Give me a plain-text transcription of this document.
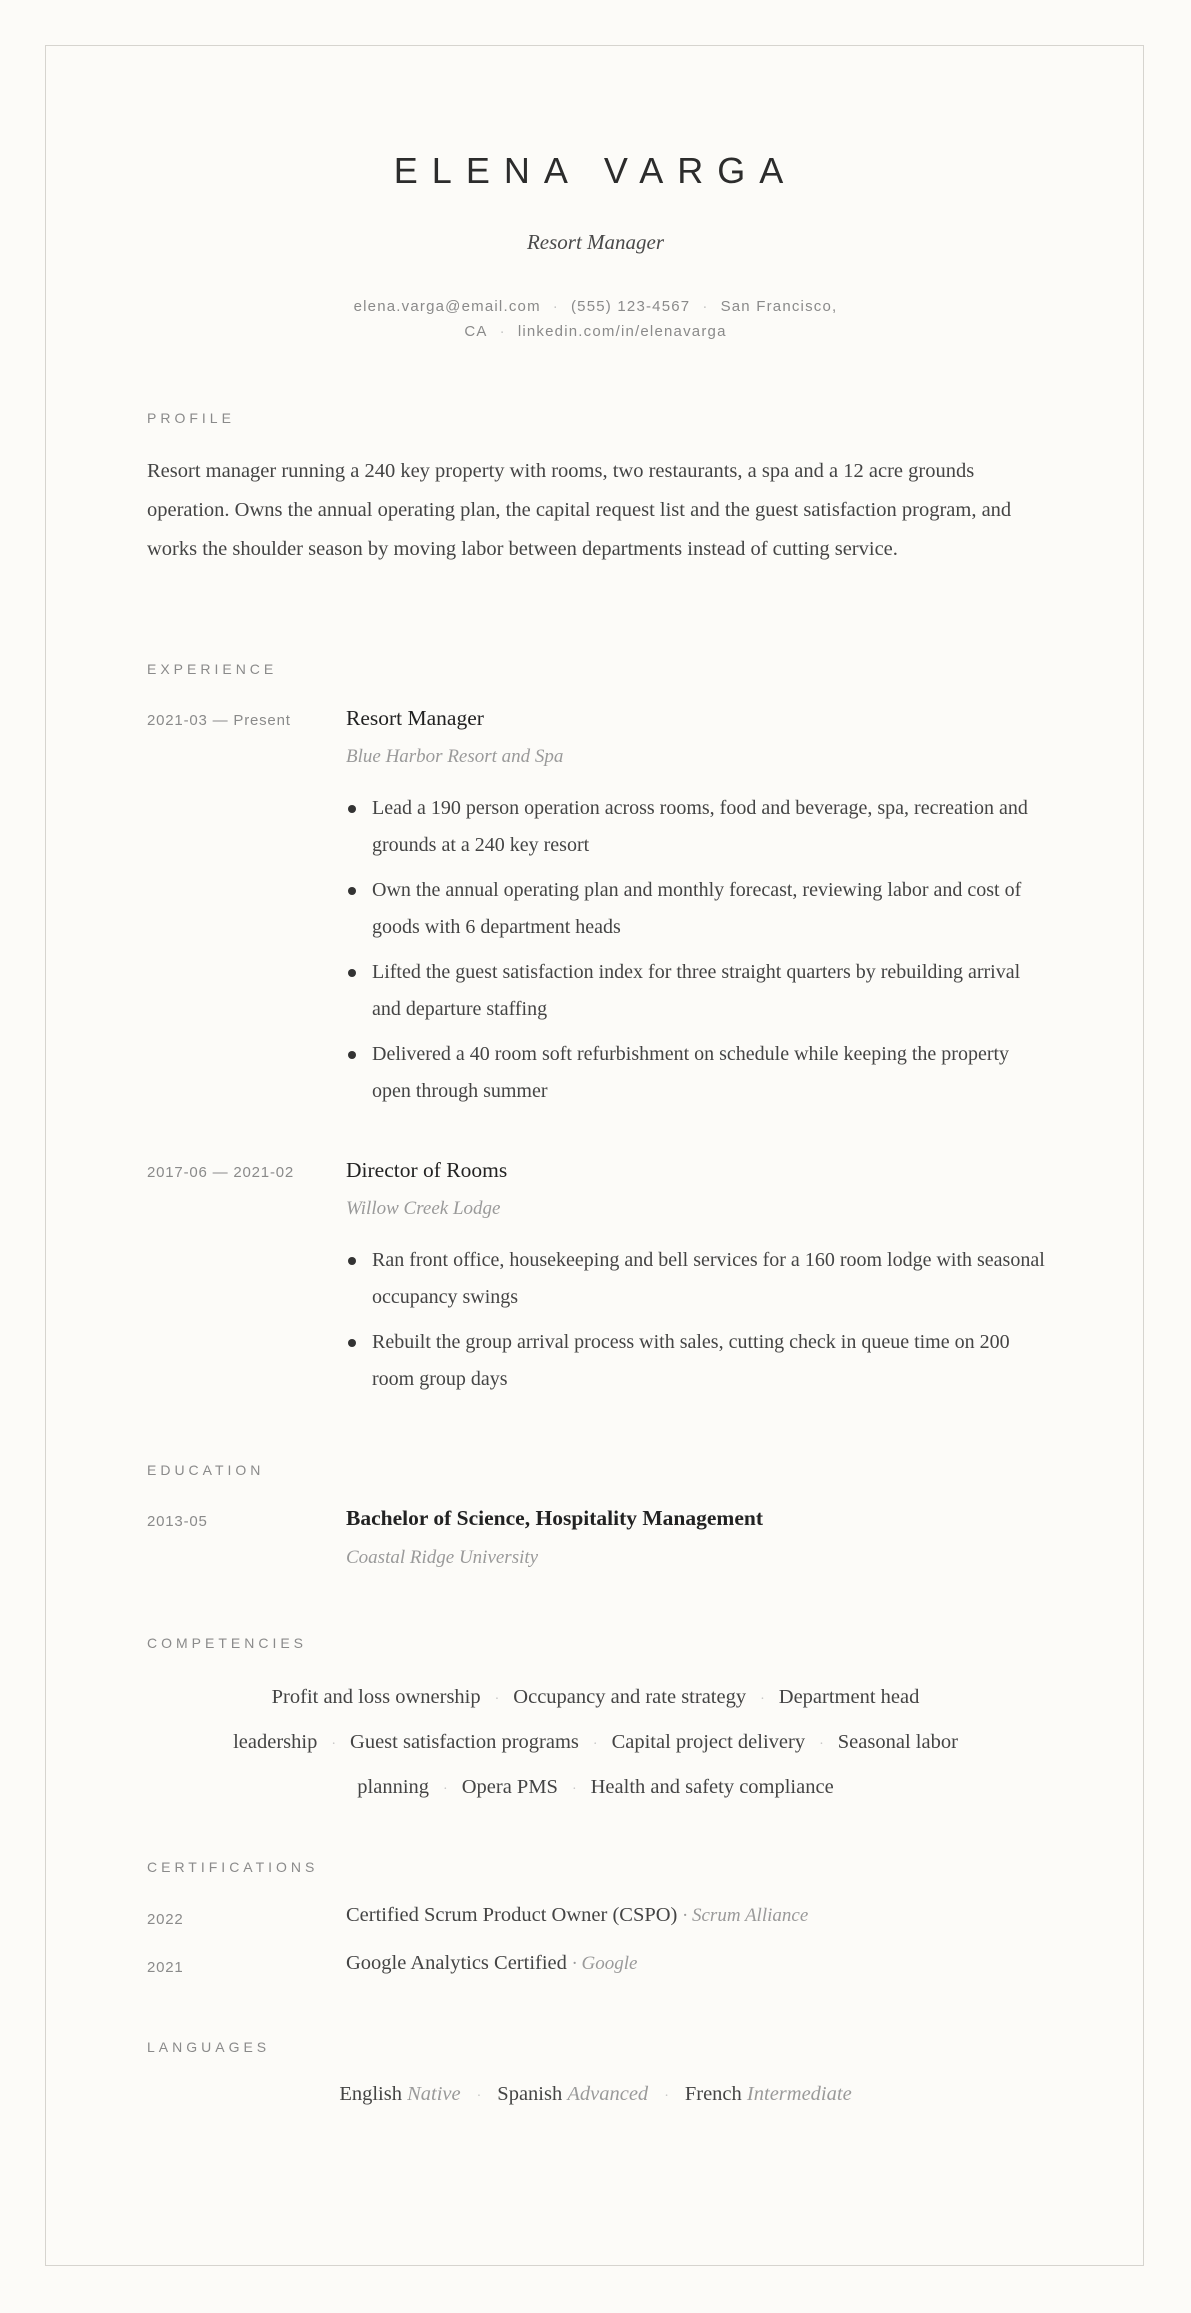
ELENA VARGA
Resort Manager
elena.varga@email.com · (555) 123-4567 · San Francisco,
CA · linkedin.com/in/elenavarga
PROFILE
Resort manager running a 240 key property with rooms, two restaurants, a spa and a 12 acre grounds operation. Owns the annual operating plan, the capital request list and the guest satisfaction program, and works the shoulder season by moving labor between departments instead of cutting service.
EXPERIENCE
2021-03 — Present	Resort Manager
Blue Harbor Resort and Spa
Lead a 190 person operation across rooms, food and beverage, spa, recreation and grounds at a 240 key resort
Own the annual operating plan and monthly forecast, reviewing labor and cost of goods with 6 department heads
Lifted the guest satisfaction index for three straight quarters by rebuilding arrival and departure staffing
Delivered a 40 room soft refurbishment on schedule while keeping the property open through summer
2017-06 — 2021-02 Director of Rooms
Willow Creek Lodge
Ran front office, housekeeping and bell services for a 160 room lodge with seasonal occupancy swings
Rebuilt the group arrival process with sales, cutting check in queue time on 200 room group days
EDUCATION
2013-05	Bachelor of Science, Hospitality Management
Coastal Ridge University
COMPETENCIES
Profit and loss ownership · Occupancy and rate strategy · Department head leadership · Guest satisfaction programs · Capital project delivery · Seasonal labor planning · Opera PMS · Health and safety compliance
CERTIFICATIONS
2022	Certified Scrum Product Owner (CSPO) · Scrum Alliance
2021	Google Analytics Certified · Google
LANGUAGES
English Native · Spanish Advanced · French Intermediate
